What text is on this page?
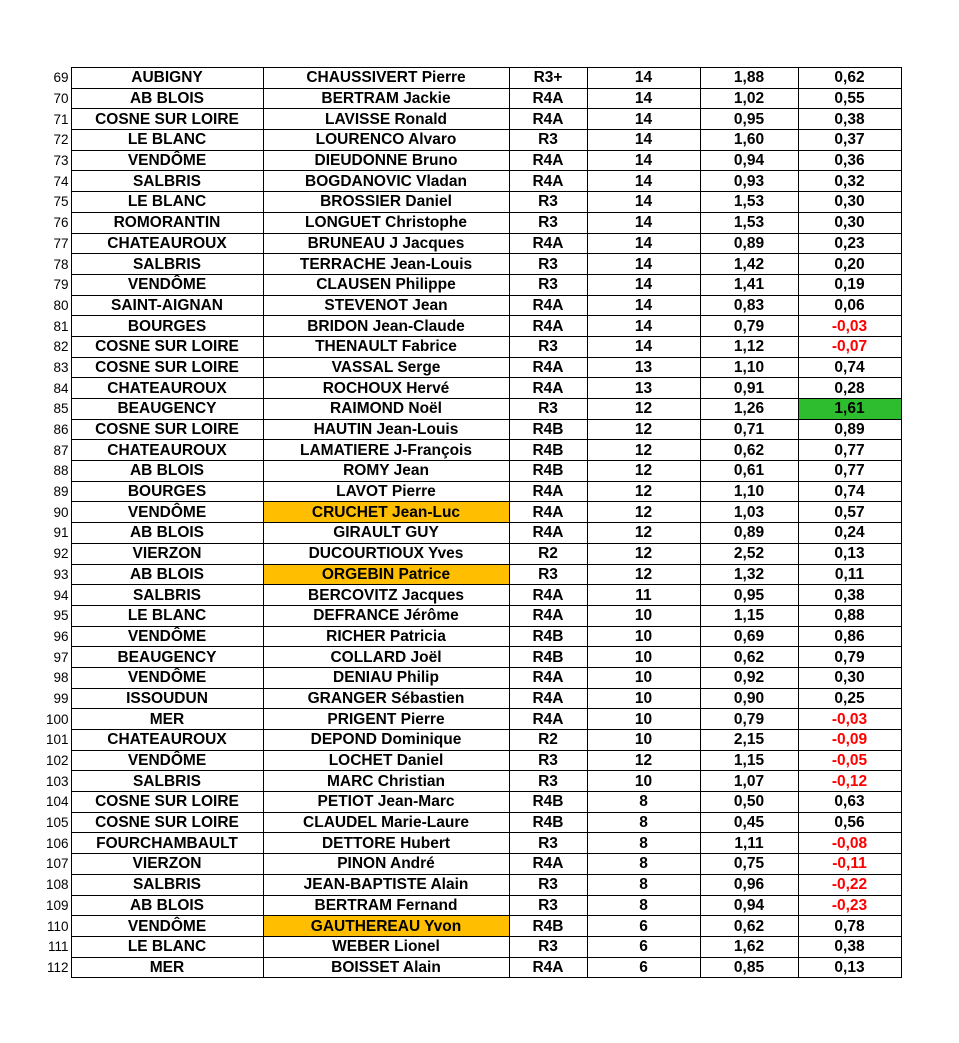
69	AUBIGNY	CHAUSSIVERT Pierre	R3+	14	1,88	0,62
70	AB BLOIS	BERTRAM Jackie	R4A	14	1,02	0,55
71	COSNE SUR LOIRE	LAVISSE Ronald	R4A	14	0,95	0,38
72	LE BLANC	LOURENCO Alvaro	R3	14	1,60	0,37
73	VENDÔME	DIEUDONNE Bruno	R4A	14	0,94	0,36
74	SALBRIS	BOGDANOVIC Vladan	R4A	14	0,93	0,32
75	LE BLANC	BROSSIER Daniel	R3	14	1,53	0,30
76	ROMORANTIN	LONGUET Christophe	R3	14	1,53	0,30
77	CHATEAUROUX	BRUNEAU J Jacques	R4A	14	0,89	0,23
78	SALBRIS	TERRACHE Jean-Louis	R3	14	1,42	0,20
79	VENDÔME	CLAUSEN Philippe	R3	14	1,41	0,19
80	SAINT-AIGNAN	STEVENOT Jean	R4A	14	0,83	0,06
81	BOURGES	BRIDON Jean-Claude	R4A	14	0,79	-0,03
82	COSNE SUR LOIRE	THENAULT Fabrice	R3	14	1,12	-0,07
83	COSNE SUR LOIRE	VASSAL Serge	R4A	13	1,10	0,74
84	CHATEAUROUX	ROCHOUX Hervé	R4A	13	0,91	0,28
85	BEAUGENCY	RAIMOND Noël	R3	12	1,26	1,61
86	COSNE SUR LOIRE	HAUTIN Jean-Louis	R4B	12	0,71	0,89
87	CHATEAUROUX	LAMATIERE J-François	R4B	12	0,62	0,77
88	AB BLOIS	ROMY Jean	R4B	12	0,61	0,77
89	BOURGES	LAVOT Pierre	R4A	12	1,10	0,74
90	VENDÔME	CRUCHET Jean-Luc	R4A	12	1,03	0,57
91	AB BLOIS	GIRAULT GUY	R4A	12	0,89	0,24
92	VIERZON	DUCOURTIOUX Yves	R2	12	2,52	0,13
93	AB BLOIS	ORGEBIN Patrice	R3	12	1,32	0,11
94	SALBRIS	BERCOVITZ Jacques	R4A	11	0,95	0,38
95	LE BLANC	DEFRANCE Jérôme	R4A	10	1,15	0,88
96	VENDÔME	RICHER Patricia	R4B	10	0,69	0,86
97	BEAUGENCY	COLLARD Joël	R4B	10	0,62	0,79
98	VENDÔME	DENIAU Philip	R4A	10	0,92	0,30
99	ISSOUDUN	GRANGER Sébastien	R4A	10	0,90	0,25
100	MER	PRIGENT Pierre	R4A	10	0,79	-0,03
101	CHATEAUROUX	DEPOND Dominique	R2	10	2,15	-0,09
102	VENDÔME	LOCHET Daniel	R3	12	1,15	-0,05
103	SALBRIS	MARC Christian	R3	10	1,07	-0,12
104	COSNE SUR LOIRE	PETIOT Jean-Marc	R4B	8	0,50	0,63
105	COSNE SUR LOIRE	CLAUDEL Marie-Laure	R4B	8	0,45	0,56
106	FOURCHAMBAULT	DETTORE Hubert	R3	8	1,11	-0,08
107	VIERZON	PINON André	R4A	8	0,75	-0,11
108	SALBRIS	JEAN-BAPTISTE Alain	R3	8	0,96	-0,22
109	AB BLOIS	BERTRAM Fernand	R3	8	0,94	-0,23
110	VENDÔME	GAUTHEREAU Yvon	R4B	6	0,62	0,78
111	LE BLANC	WEBER Lionel	R3	6	1,62	0,38
112	MER	BOISSET Alain	R4A	6	0,85	0,13
